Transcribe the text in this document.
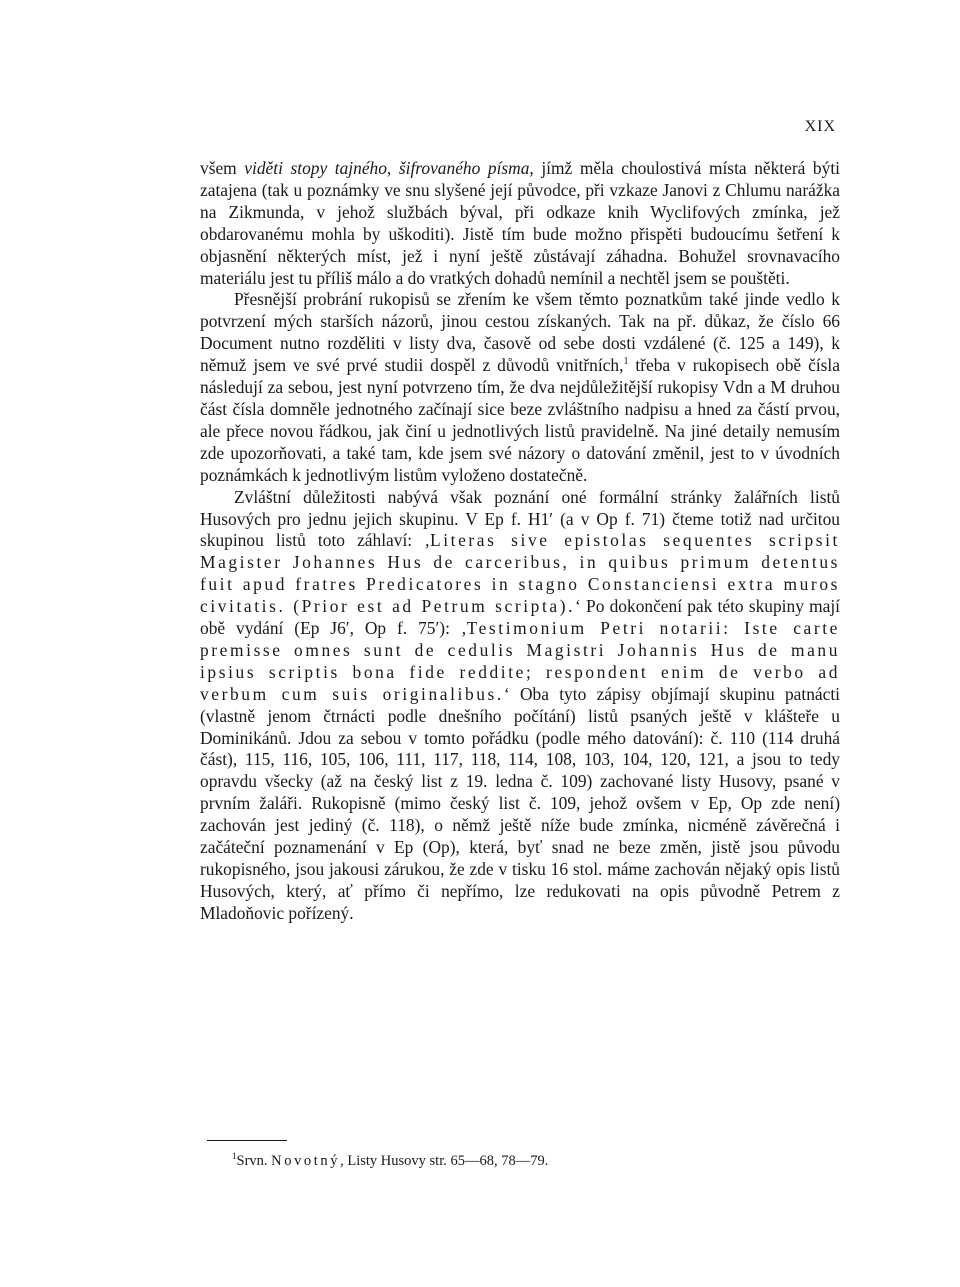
XIX

všem viděti stopy tajného, šifrovaného písma, jímž měla choulostivá místa některá býti zatajena (tak u poznámky ve snu slyšené její původce, při vzkaze Janovi z Chlumu narážka na Zikmunda, v jehož službách býval, při odkaze knih Wyclifových zmínka, jež obdarovanému mohla by uškoditi). Jistě tím bude možno přispěti budoucímu šetření k objasnění některých míst, jež i nyní ještě zůstávají záhadna. Bohužel srovnavacího materiálu jest tu příliš málo a do vratkých dohadů nemínil a nechtěl jsem se pouštěti.

Přesnější probrání rukopisů se zřením ke všem těmto poznatkům také jinde vedlo k potvrzení mých starších názorů, jinou cestou získaných. Tak na př. důkaz, že číslo 66 Document nutno rozděliti v listy dva, časově od sebe dosti vzdálené (č. 125 a 149), k němuž jsem ve své prvé studii dospěl z důvodů vnitřních,$^1$ třeba v rukopisech obě čísla následují za sebou, jest nyní potvrzeno tím, že dva nejdůležitější rukopisy Vdn a M druhou část čísla domněle jednotného začínají sice beze zvláštního nadpisu a hned za částí prvou, ale přece novou řádkou, jak činí u jednotlivých listů pravidelně. Na jiné detaily nemusím zde upozorňovati, a také tam, kde jsem své názory o datování změnil, jest to v úvodních poznámkách k jednotlivým listům vyloženo dostatečně.

Zvláštní důležitosti nabývá však poznání oné formální stránky žalářních listů Husových pro jednu jejich skupinu. V Ep f. H1′ (a v Op f. 71) čteme totiž nad určitou skupinou listů toto záhlaví: ‚Literas sive epistolas sequentes scripsit Magister Johannes Hus de carceribus, in quibus primum detentus fuit apud fratres Predicatores in stagno Constanciensi extra muros civitatis. (Prior est ad Petrum scripta).‘ Po dokončení pak této skupiny mají obě vydání (Ep J6′, Op f. 75′): ‚Testimonium Petri notarii: Iste carte premisse omnes sunt de cedulis Magistri Johannis Hus de manu ipsius scriptis bona fide reddite; respondent enim de verbo ad verbum cum suis originalibus.‘ Oba tyto zápisy objímají skupinu patnácti (vlastně jenom čtrnácti podle dnešního počítání) listů psaných ještě v klášteře u Dominikánů. Jdou za sebou v tomto pořádku (podle mého datování): č. 110 (114 druhá část), 115, 116, 105, 106, 111, 117, 118, 114, 108, 103, 104, 120, 121, a jsou to tedy opravdu všecky (až na český list z 19. ledna č. 109) zachované listy Husovy, psané v prvním žaláři. Rukopisně (mimo český list č. 109, jehož ovšem v Ep, Op zde není) zachován jest jediný (č. 118), o němž ještě níže bude zmínka, nicméně závěrečná i začáteční poznamenání v Ep (Op), která, byť snad ne beze změn, jistě jsou původu rukopisného, jsou jakousi zárukou, že zde v tisku 16 stol. máme zachován nějaký opis listů Husových, který, ať přímo či nepřímo, lze redukovati na opis původně Petrem z Mladoňovic pořízený.

$^1$Srvn. Novotný, Listy Husovy str. 65—68, 78—79.
